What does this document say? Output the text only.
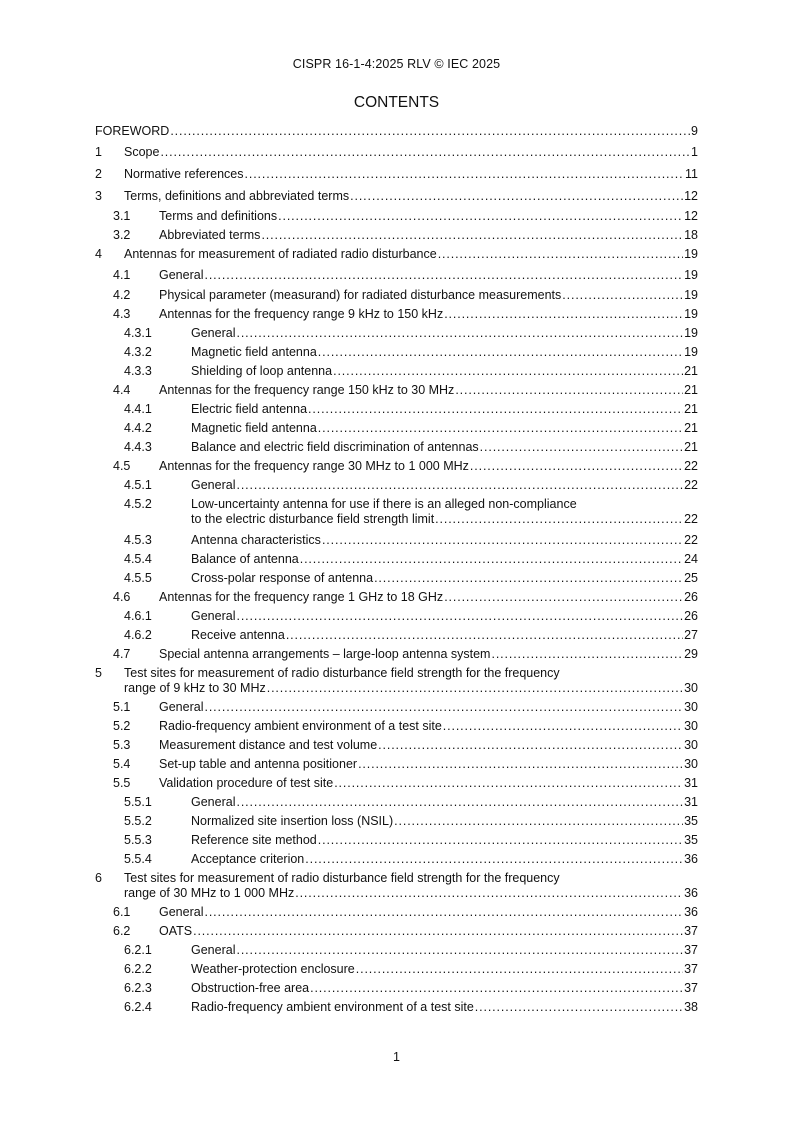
CISPR 16-1-4:2025 RLV © IEC 2025
CONTENTS
FOREWORD . . .	9
1	Scope . . .	1
2	Normative references . . .	11
3	Terms, definitions and abbreviated terms . . .	12
3.1	Terms and definitions . . .	12
3.2	Abbreviated terms . . .	18
4	Antennas for measurement of radiated radio disturbance . . .	19
4.1	General . . .	19
4.2	Physical parameter (measurand) for radiated disturbance measurements . . .	19
4.3	Antennas for the frequency range 9 kHz to 150 kHz . . .	19
4.3.1	General . . .	19
4.3.2	Magnetic field antenna . . .	19
4.3.3	Shielding of loop antenna . . .	21
4.4	Antennas for the frequency range 150 kHz to 30 MHz . . .	21
4.4.1	Electric field antenna . . .	21
4.4.2	Magnetic field antenna . . .	21
4.4.3	Balance and electric field discrimination of antennas . . .	21
4.5	Antennas for the frequency range 30 MHz to 1 000 MHz . . .	22
4.5.1	General . . .	22
4.5.2	Low-uncertainty antenna for use if there is an alleged non-compliance
to the electric disturbance field strength limit . . .	22
4.5.3	Antenna characteristics . . .	22
4.5.4	Balance of antenna . . .	24
4.5.5	Cross-polar response of antenna . . .	25
4.6	Antennas for the frequency range 1 GHz to 18 GHz . . .	26
4.6.1	General . . .	26
4.6.2	Receive antenna . . .	27
4.7	Special antenna arrangements – large-loop antenna system . . .	29
5	Test sites for measurement of radio disturbance field strength for the frequency
range of 9 kHz to 30 MHz . . .	30
5.1	General . . .	30
5.2	Radio-frequency ambient environment of a test site . . .	30
5.3	Measurement distance and test volume . . .	30
5.4	Set-up table and antenna positioner . . .	30
5.5	Validation procedure of test site . . .	31
5.5.1	General . . .	31
5.5.2	Normalized site insertion loss (NSIL) . . .	35
5.5.3	Reference site method . . .	35
5.5.4	Acceptance criterion . . .	36
6	Test sites for measurement of radio disturbance field strength for the frequency
range of 30 MHz to 1 000 MHz . . .	36
6.1	General . . .	36
6.2	OATS . . .	37
6.2.1	General . . .	37
6.2.2	Weather-protection enclosure . . .	37
6.2.3	Obstruction-free area . . .	37
6.2.4	Radio-frequency ambient environment of a test site . . .	38
1
